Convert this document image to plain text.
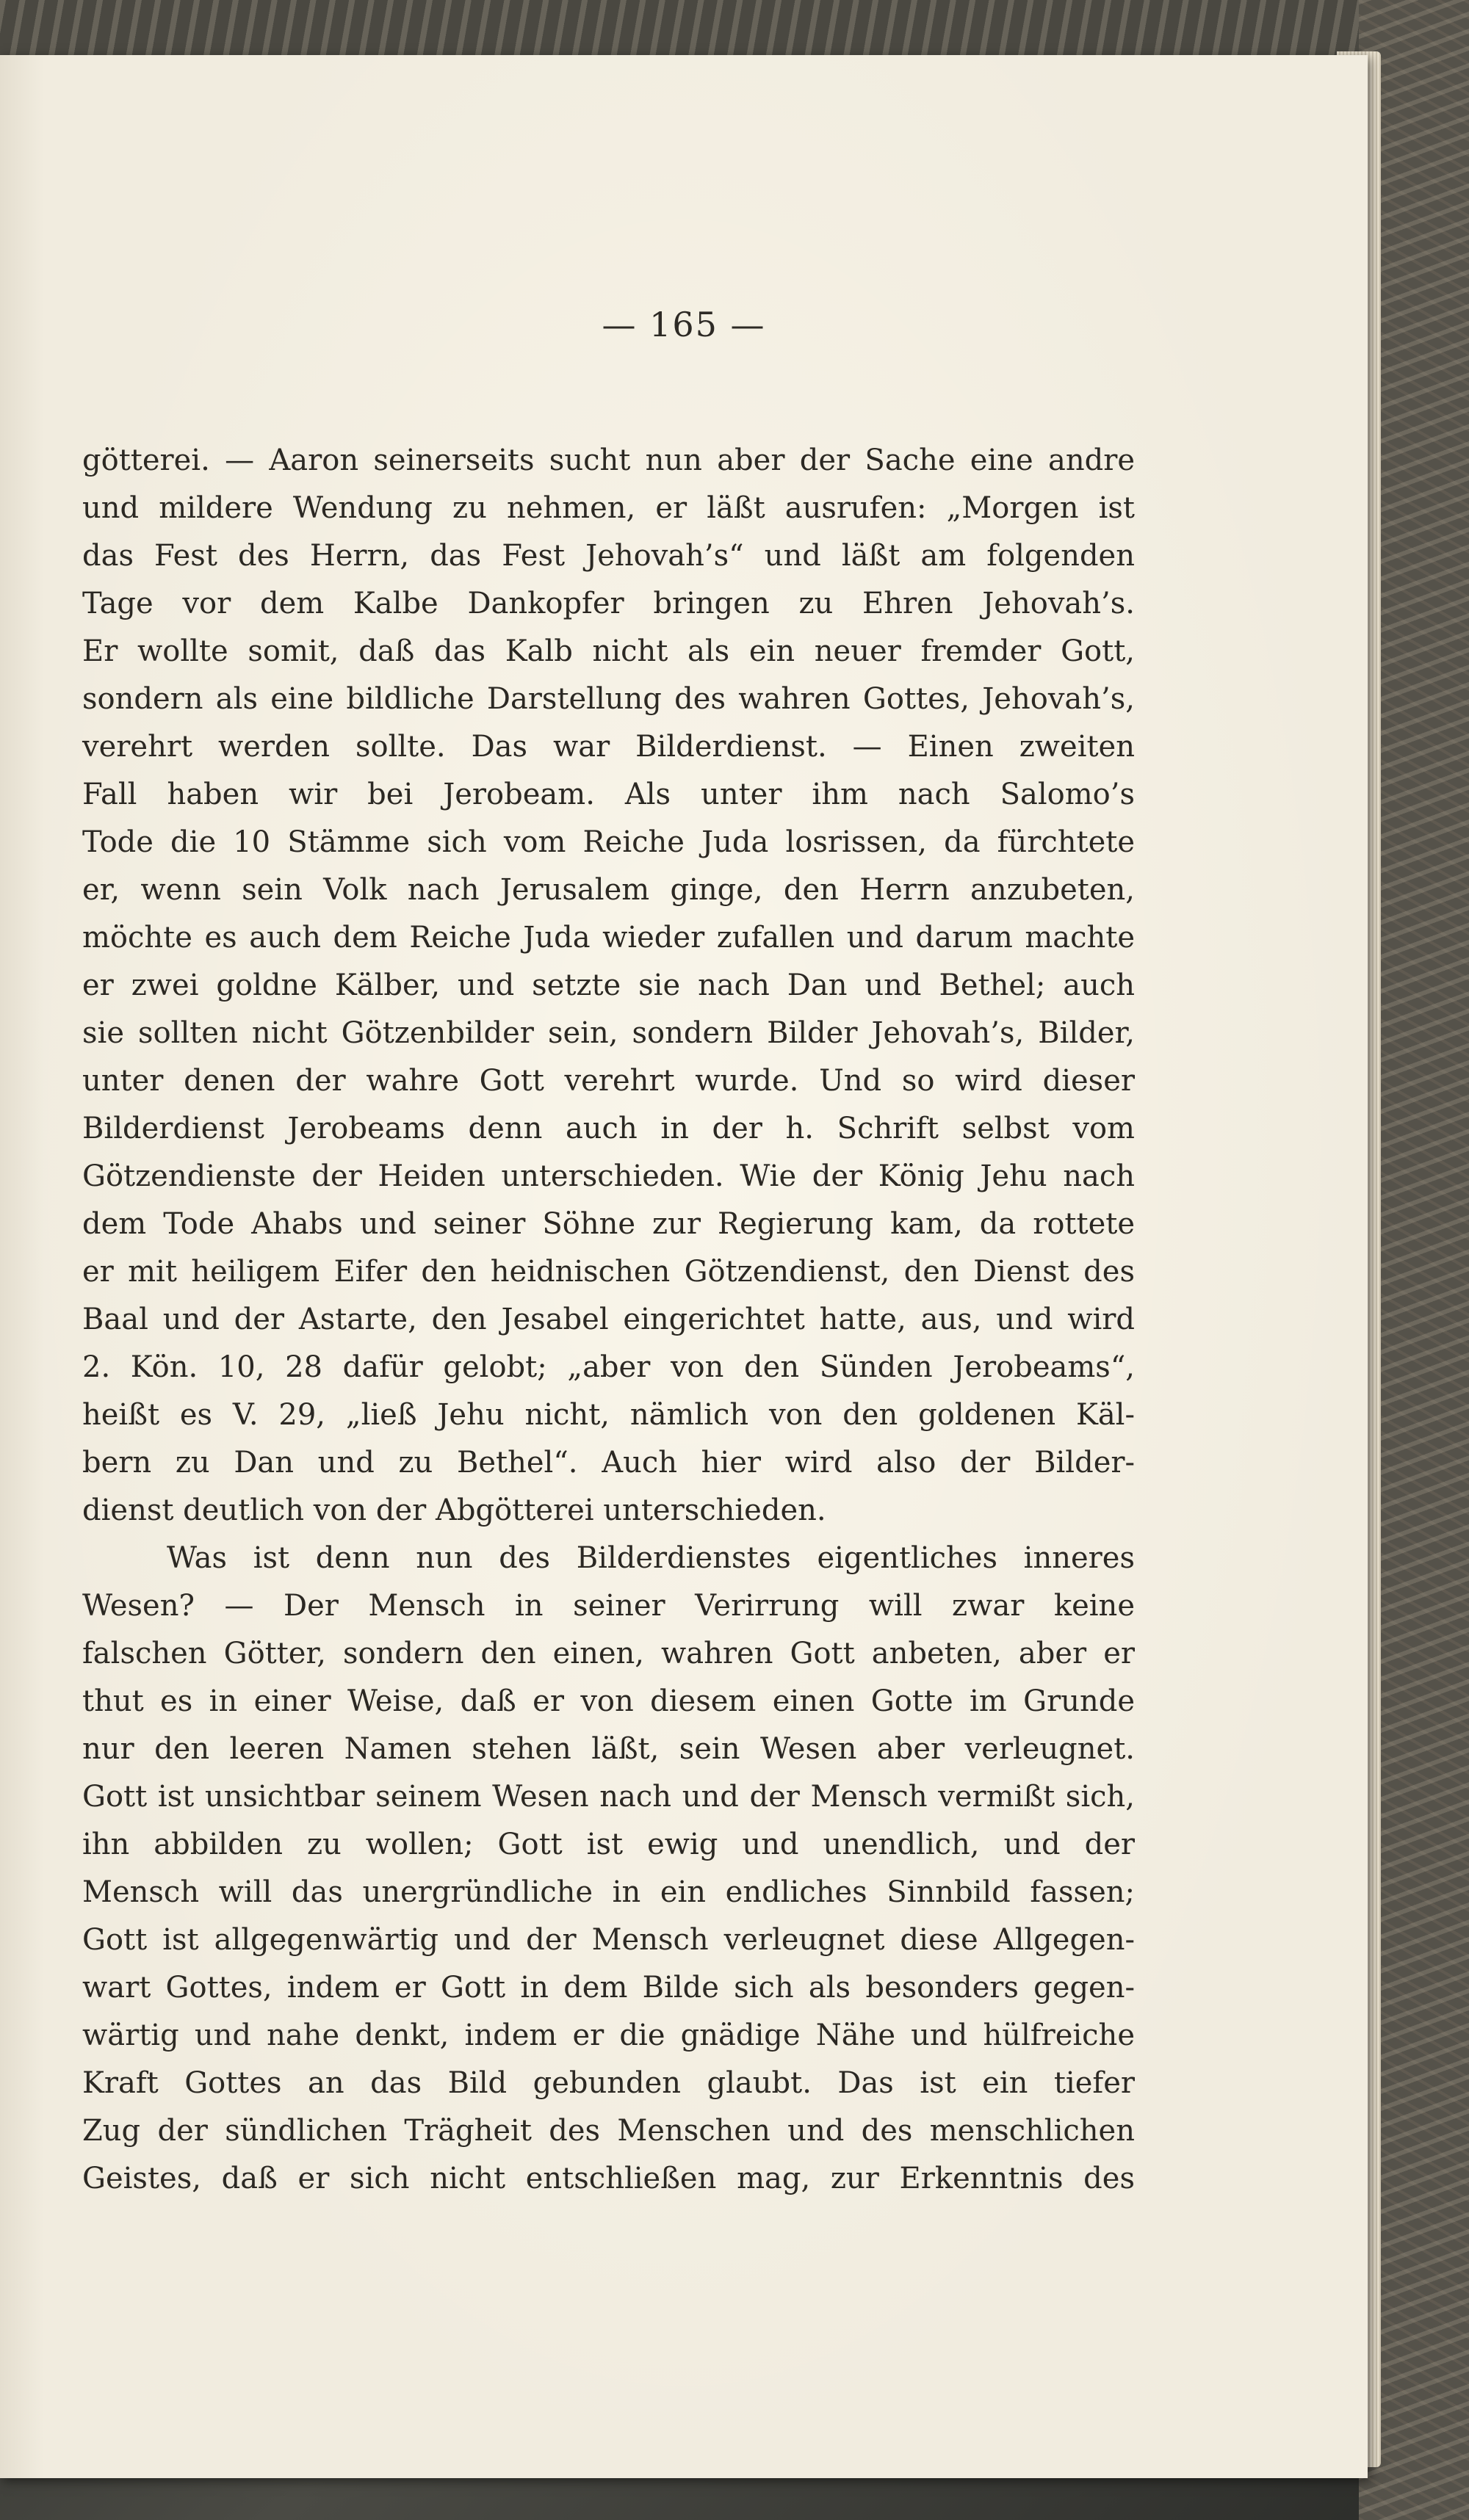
— 165 —
götterei. — Aaron seinerseits sucht nun aber der Sache eine andre
und mildere Wendung zu nehmen, er läßt ausrufen: „Morgen ist
das Fest des Herrn, das Fest Jehovah’s“ und läßt am folgenden
Tage vor dem Kalbe Dankopfer bringen zu Ehren Jehovah’s.
Er wollte somit, daß das Kalb nicht als ein neuer fremder Gott,
sondern als eine bildliche Darstellung des wahren Gottes, Jehovah’s,
verehrt werden sollte. Das war Bilderdienst. — Einen zweiten
Fall haben wir bei Jerobeam. Als unter ihm nach Salomo’s
Tode die 10 Stämme sich vom Reiche Juda losrissen, da fürchtete
er, wenn sein Volk nach Jerusalem ginge, den Herrn anzubeten,
möchte es auch dem Reiche Juda wieder zufallen und darum machte
er zwei goldne Kälber, und setzte sie nach Dan und Bethel; auch
sie sollten nicht Götzenbilder sein, sondern Bilder Jehovah’s, Bilder,
unter denen der wahre Gott verehrt wurde. Und so wird dieser
Bilderdienst Jerobeams denn auch in der h. Schrift selbst vom
Götzendienste der Heiden unterschieden. Wie der König Jehu nach
dem Tode Ahabs und seiner Söhne zur Regierung kam, da rottete
er mit heiligem Eifer den heidnischen Götzendienst, den Dienst des
Baal und der Astarte, den Jesabel eingerichtet hatte, aus, und wird
2. Kön. 10, 28 dafür gelobt; „aber von den Sünden Jerobeams“,
heißt es V. 29, „ließ Jehu nicht, nämlich von den goldenen Käl-
bern zu Dan und zu Bethel“. Auch hier wird also der Bilder-
dienst deutlich von der Abgötterei unterschieden.
Was ist denn nun des Bilderdienstes eigentliches inneres
Wesen? — Der Mensch in seiner Verirrung will zwar keine
falschen Götter, sondern den einen, wahren Gott anbeten, aber er
thut es in einer Weise, daß er von diesem einen Gotte im Grunde
nur den leeren Namen stehen läßt, sein Wesen aber verleugnet.
Gott ist unsichtbar seinem Wesen nach und der Mensch vermißt sich,
ihn abbilden zu wollen; Gott ist ewig und unendlich, und der
Mensch will das unergründliche in ein endliches Sinnbild fassen;
Gott ist allgegenwärtig und der Mensch verleugnet diese Allgegen-
wart Gottes, indem er Gott in dem Bilde sich als besonders gegen-
wärtig und nahe denkt, indem er die gnädige Nähe und hülfreiche
Kraft Gottes an das Bild gebunden glaubt. Das ist ein tiefer
Zug der sündlichen Trägheit des Menschen und des menschlichen
Geistes, daß er sich nicht entschließen mag, zur Erkenntnis des
